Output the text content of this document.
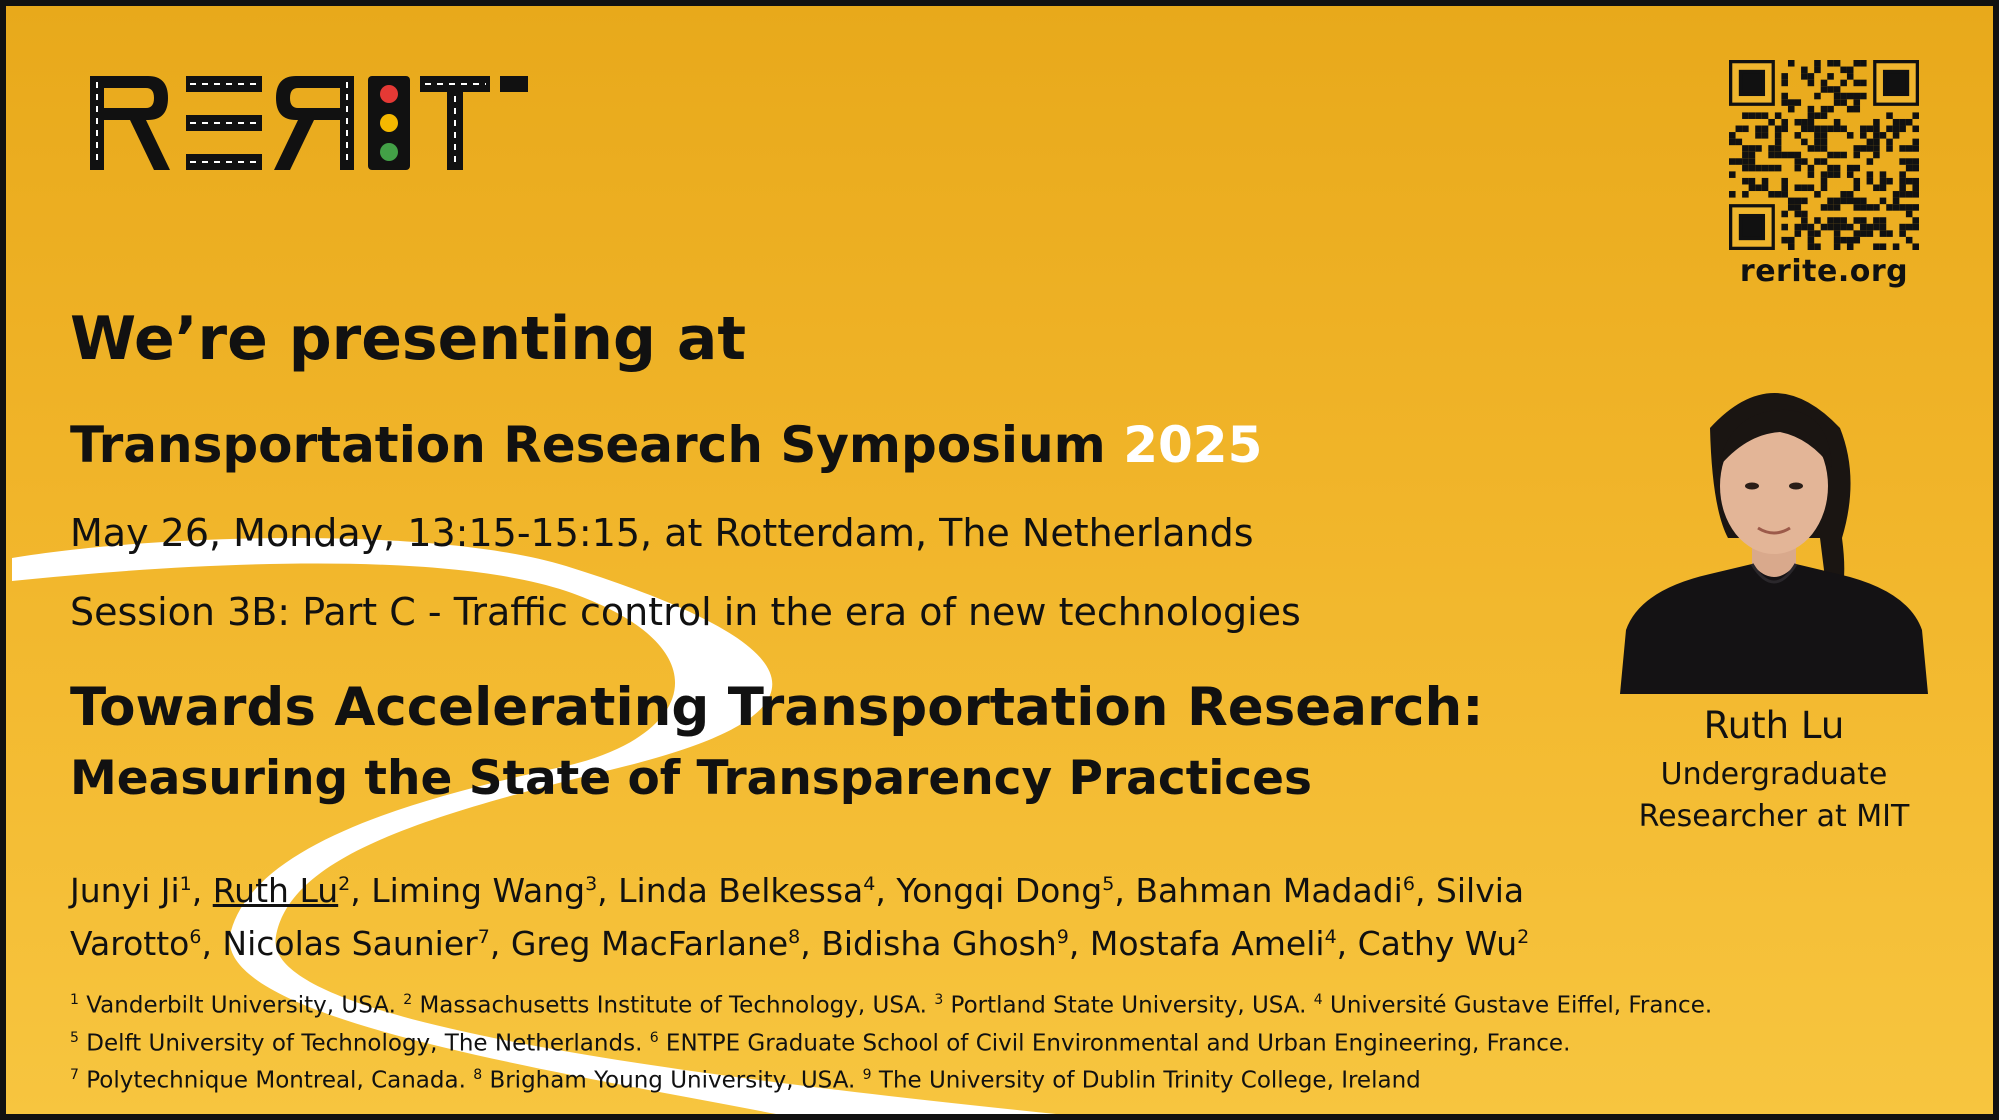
rerite.org
We’re presenting at
Transportation Research Symposium 2025
May 26, Monday, 13:15-15:15, at Rotterdam, The Netherlands
Session 3B: Part C - Traffic control in the era of new technologies
Towards Accelerating Transportation Research:
Measuring the State of Transparency Practices
Junyi Ji$^1$, Ruth Lu$^2$, Liming Wang$^3$, Linda Belkessa$^4$, Yongqi Dong$^5$, Bahman Madadi$^6$, Silvia Varotto$^6$, Nicolas Saunier$^7$, Greg MacFarlane$^8$, Bidisha Ghosh$^9$, Mostafa Ameli$^4$, Cathy Wu$^2$
$^1$ Vanderbilt University, USA. $^2$ Massachusetts Institute of Technology, USA. $^3$ Portland State University, USA. $^4$ Université Gustave Eiffel, France.
$^5$ Delft University of Technology, The Netherlands. $^6$ ENTPE Graduate School of Civil Environmental and Urban Engineering, France.
$^7$ Polytechnique Montreal, Canada. $^8$ Brigham Young University, USA. $^9$ The University of Dublin Trinity College, Ireland
Ruth Lu
Undergraduate Researcher at MIT
